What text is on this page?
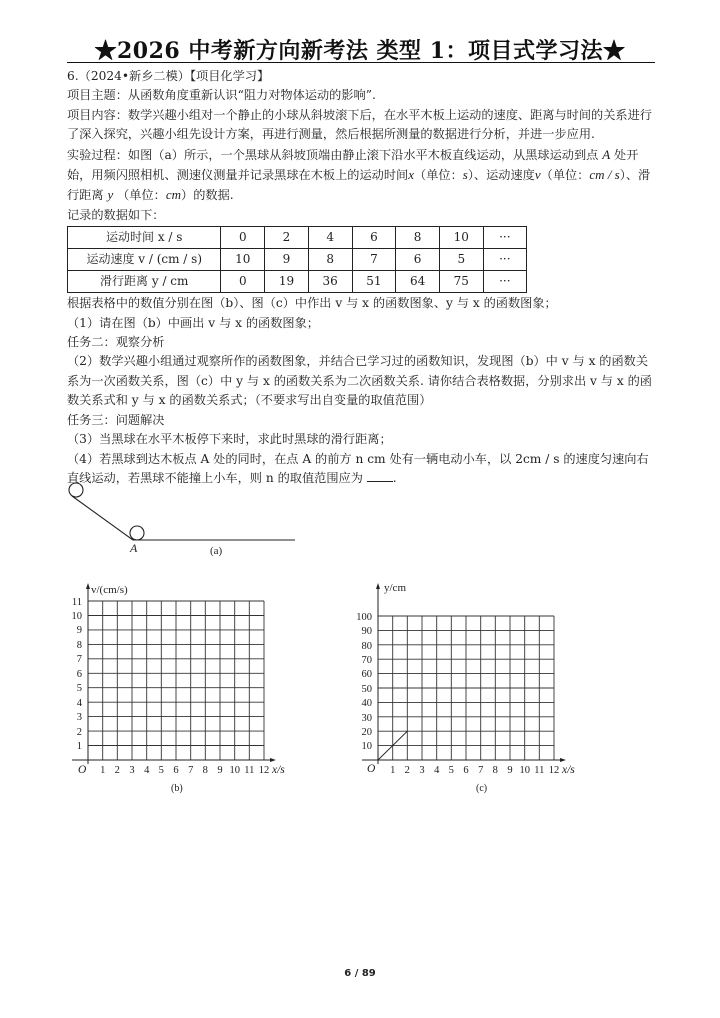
★2026 中考新方向新考法 类型 1：项目式学习法★

6.（2024•新乡二模）【项目化学习】

项目主题：从函数角度重新认识“阻力对物体运动的影响”.

项目内容：数学兴趣小组对一个静止的小球从斜坡滚下后，在水平木板上运动的速度、距离与时间的关系进行了深入探究，兴趣小组先设计方案，再进行测量，然后根据所测量的数据进行分析，并进一步应用.

实验过程：如图（a）所示，一个黑球从斜坡顶端由静止滚下沿水平木板直线运动，从黑球运动到点 A 处开始，用频闪照相机、测速仪测量并记录黑球在木板上的运动时间x（单位：s）、运动速度v（单位：cm / s）、滑行距离 y （单位：cm）的数据.

记录的数据如下：

运动时间 x / s	0	2	4	6	8	10	···
运动速度 v / (cm / s)	10	9	8	7	6	5	···
滑行距离 y / cm	0	19	36	51	64	75	···

根据表格中的数值分别在图（b）、图（c）中作出 v 与 x 的函数图象、y 与 x 的函数图象；

（1）请在图（b）中画出 v 与 x 的函数图象；

任务二：观察分析

（2）数学兴趣小组通过观察所作的函数图象，并结合已学习过的函数知识，发现图（b）中 v 与 x 的函数关系为一次函数关系，图（c）中 y 与 x 的函数关系为二次函数关系. 请你结合表格数据，分别求出 v 与 x 的函数关系式和 y 与 x 的函数关系式；（不要求写出自变量的取值范围）

任务三：问题解决

（3）当黑球在水平木板停下来时，求此时黑球的滑行距离；

（4）若黑球到达木板点 A 处的同时，在点 A 的前方 n cm 处有一辆电动小车，以 2cm / s 的速度匀速向右直线运动，若黑球不能撞上小车，则 n 的取值范围应为 .

A	(a)
1
2
3
4
5
6
7
8
9
10
11
1 2 3 4 5 6 7 8 9 10 11 12
O
v/(cm/s)
x/s
(b)
10
20
30
40
50
60
70
80
90
100
1 2 3 4 5 6 7 8 9 10 11 12
O
y/cm
x/s
(c)
6 / 89
